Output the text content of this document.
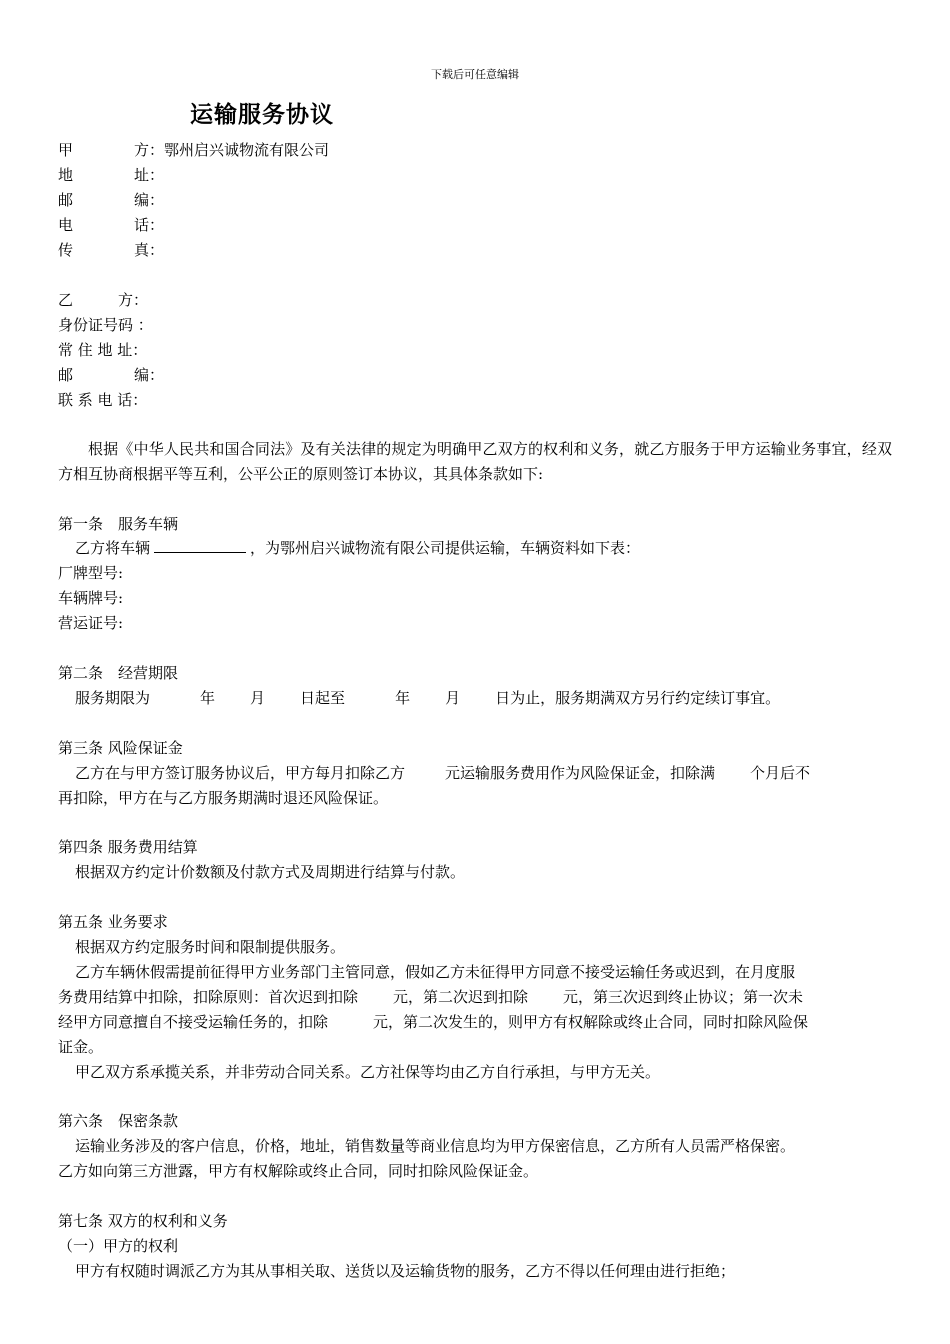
下载后可任意编辑
运输服务协议
甲	方：鄂州启兴诚物流有限公司
地	址：
邮	编：
电	话：
传	真：
乙	方：
身份证号码 ：
常 住 地 址：
邮	编：
联 系 电 话：
根据《中华人民共和国合同法》及有关法律的规定为明确甲乙双方的权利和义务，就乙方服务于甲方运输业务事宜，经双方相互协商根据平等互利，公平公正的原则签订本协议，其具体条款如下:
第一条　服务车辆
乙方将车辆	，为鄂州启兴诚物流有限公司提供运输，车辆资料如下表：
厂牌型号:
车辆牌号:
营运证号:
第二条　经营期限
服务期限为	年 月 日起至	年 月 日为止，服务期满双方另行约定续订事宜。
第三条 风险保证金
乙方在与甲方签订服务协议后，甲方每月扣除乙方	元运输服务费用作为风险保证金，扣除满 个月后不
再扣除，甲方在与乙方服务期满时退还风险保证。
第四条 服务费用结算
根据双方约定计价数额及付款方式及周期进行结算与付款。
第五条 业务要求
根据双方约定服务时间和限制提供服务。
乙方车辆休假需提前征得甲方业务部门主管同意，假如乙方未征得甲方同意不接受运输任务或迟到，在月度服
务费用结算中扣除，扣除原则：首次迟到扣除 元，第二次迟到扣除 元，第三次迟到终止协议；第一次未
经甲方同意擅自不接受运输任务的，扣除	元，第二次发生的，则甲方有权解除或终止合同，同时扣除风险保
证金。
甲乙双方系承揽关系，并非劳动合同关系。乙方社保等均由乙方自行承担，与甲方无关。
第六条　保密条款
运输业务涉及的客户信息，价格，地址，销售数量等商业信息均为甲方保密信息，乙方所有人员需严格保密。
乙方如向第三方泄露，甲方有权解除或终止合同，同时扣除风险保证金。
第七条 双方的权利和义务
（一）甲方的权利
甲方有权随时调派乙方为其从事相关取、送货以及运输货物的服务，乙方不得以任何理由进行拒绝；
